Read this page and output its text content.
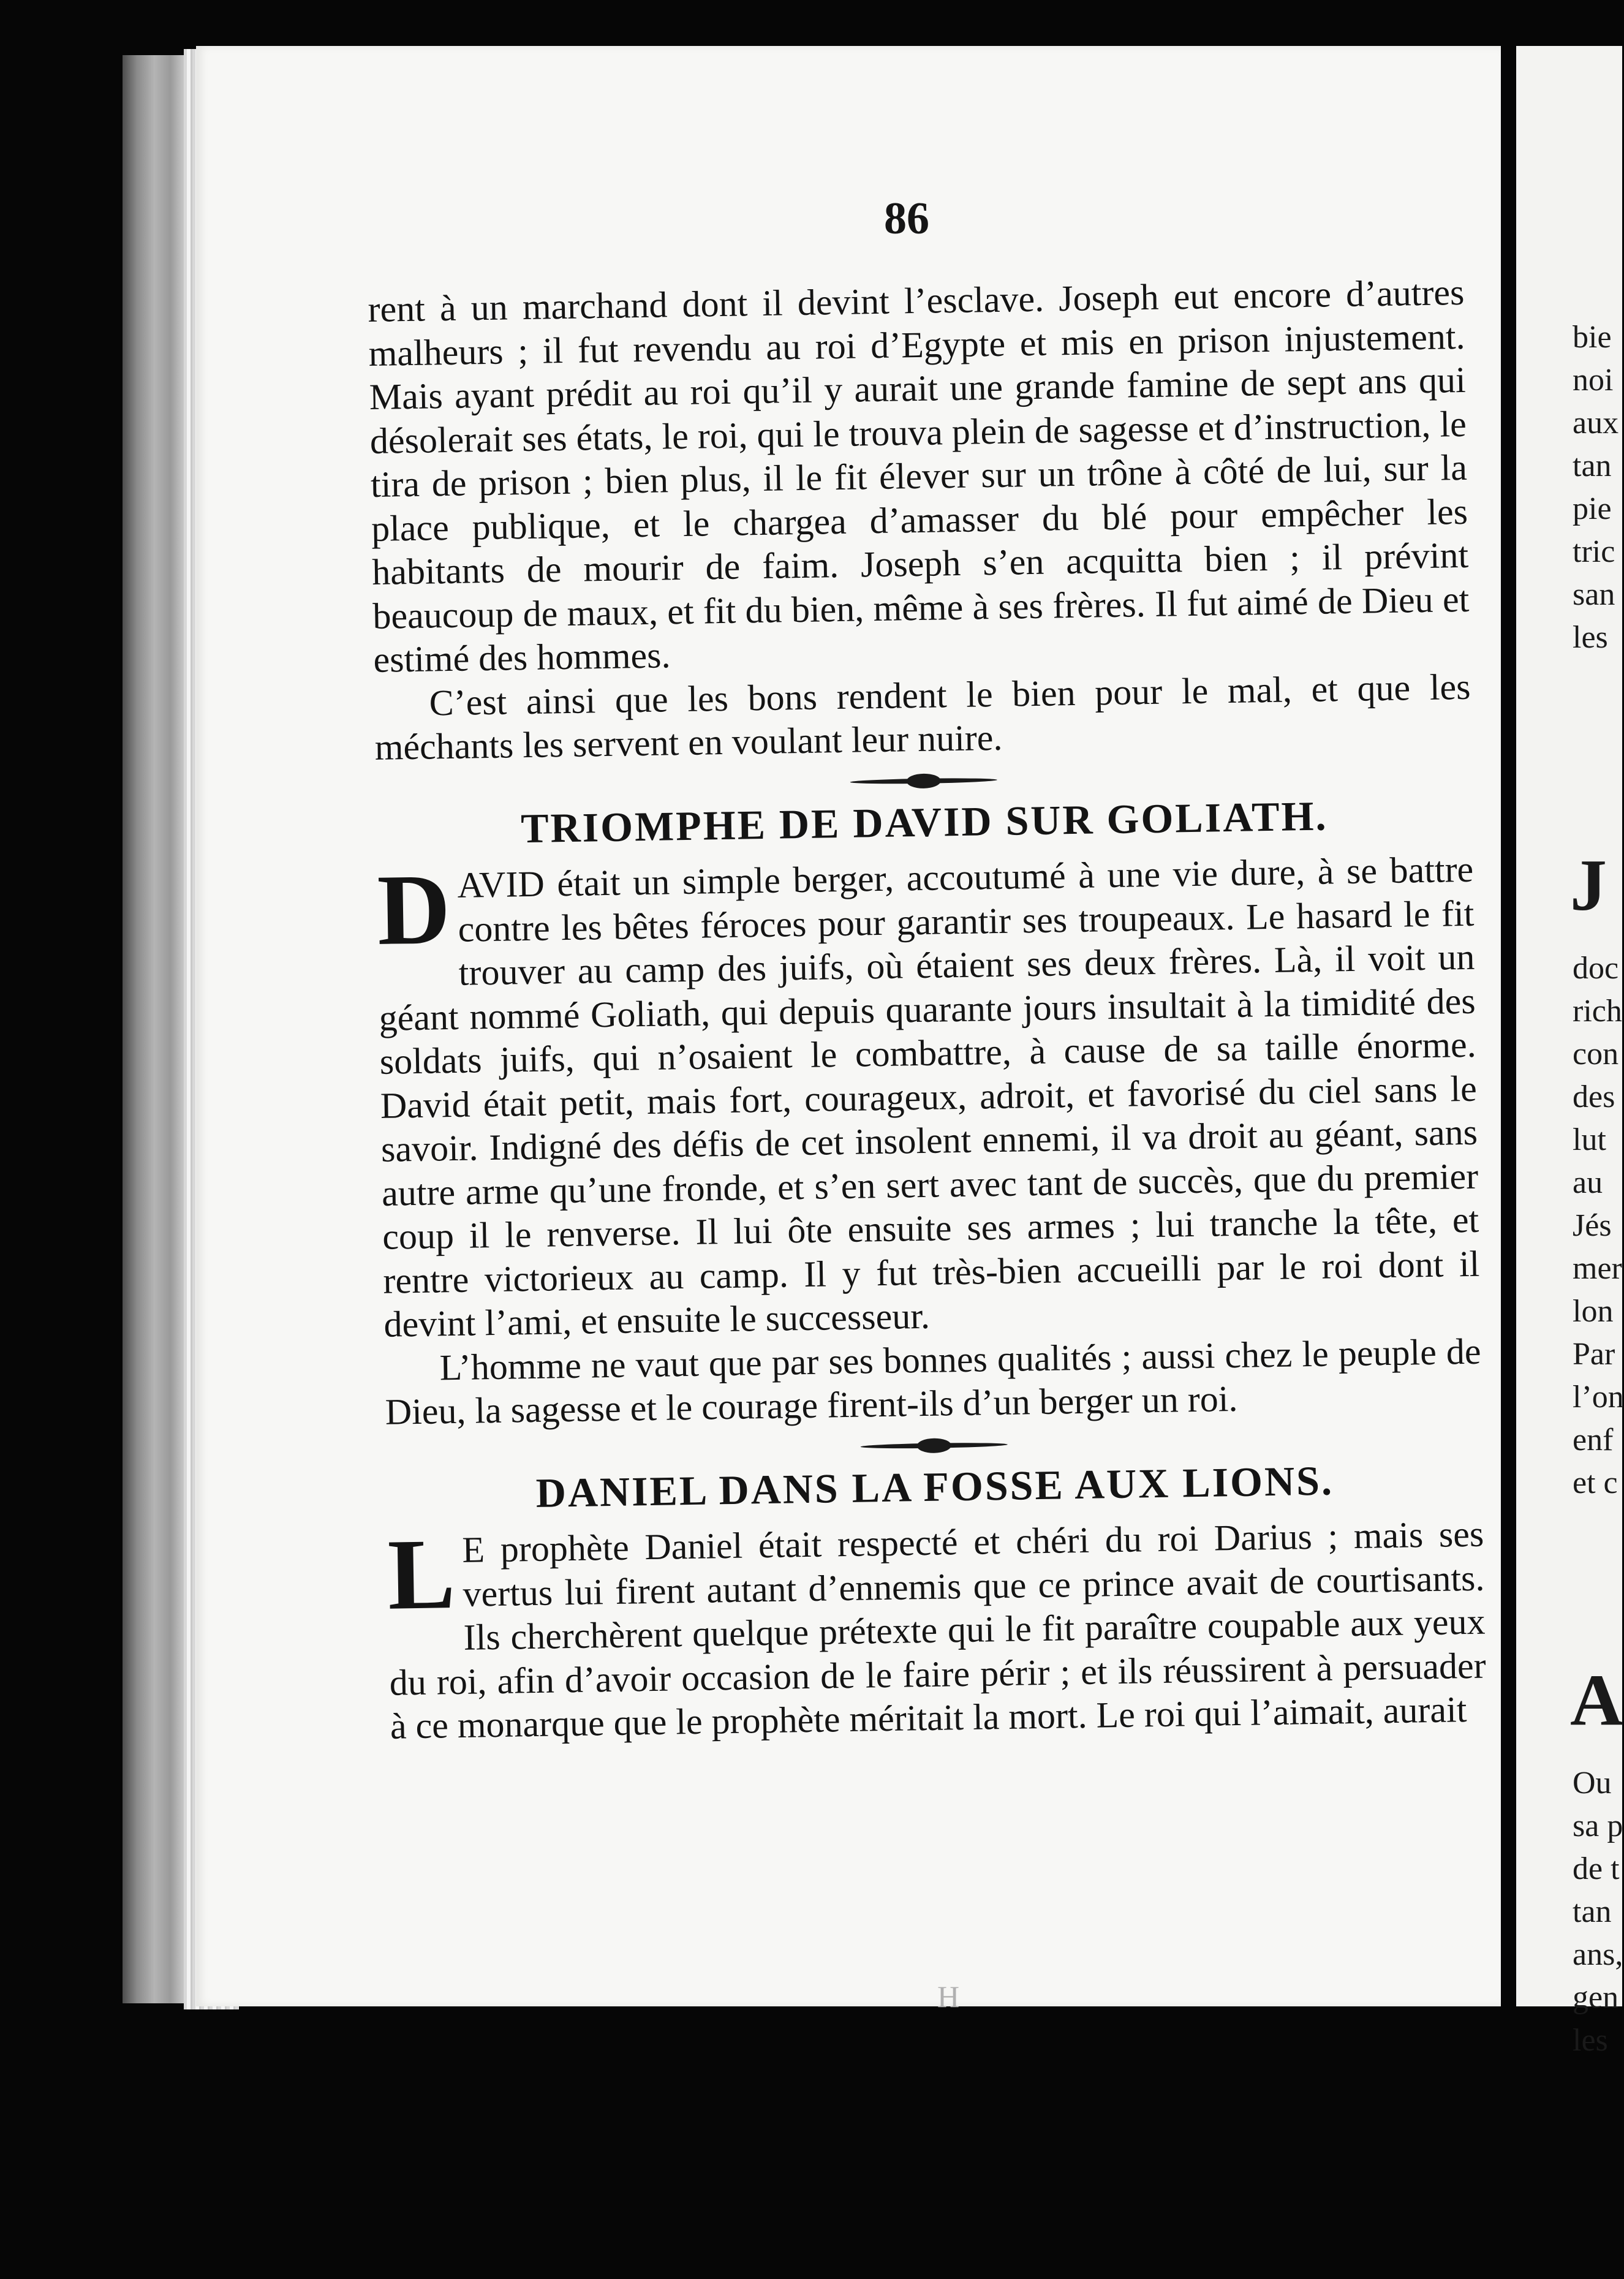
bie
noi
aux
tan
pie
tric
san
les
J
doc
rich
con
des
lut
au
Jés
mer
lon
Par
l’on
enf
et c
A
Ou
sa p
de t
tan
ans,
gen
les
86

rent à un marchand dont il devint l’esclave. Joseph eut encore d’autres malheurs ; il fut revendu au roi d’Egypte et mis en prison injustement. Mais ayant prédit au roi qu’il y aurait une grande famine de sept ans qui désolerait ses états, le roi, qui le trouva plein de sagesse et d’instruction, le tira de prison ; bien plus, il le fit élever sur un trône à côté de lui, sur la place publique, et le chargea d’amasser du blé pour empêcher les habitants de mourir de faim. Joseph s’en acquitta bien ; il prévint beaucoup de maux, et fit du bien, même à ses frères. Il fut aimé de Dieu et estimé des hommes.

C’est ainsi que les bons rendent le bien pour le mal, et que les méchants les servent en voulant leur nuire.

TRIOMPHE DE DAVID SUR GOLIATH.

DAVID était un simple berger, accoutumé à une vie dure, à se battre contre les bêtes féroces pour garantir ses troupeaux. Le hasard le fit trouver au camp des juifs, où étaient ses deux frères. Là, il voit un géant nommé Goliath, qui depuis quarante jours insultait à la timidité des soldats juifs, qui n’osaient le combattre, à cause de sa taille énorme. David était petit, mais fort, courageux, adroit, et favorisé du ciel sans le savoir. Indigné des défis de cet insolent ennemi, il va droit au géant, sans autre arme qu’une fronde, et s’en sert avec tant de succès, que du premier coup il le renverse. Il lui ôte ensuite ses armes ; lui tranche la tête, et rentre victorieux au camp. Il y fut très-bien accueilli par le roi dont il devint l’ami, et ensuite le successeur.

L’homme ne vaut que par ses bonnes qualités ; aussi chez le peuple de Dieu, la sagesse et le courage firent-ils d’un berger un roi.

DANIEL DANS LA FOSSE AUX LIONS.

L E prophète Daniel était respecté et chéri du roi Darius ; mais ses vertus lui firent autant d’ennemis que ce prince avait de courtisants. Ils cherchèrent quelque prétexte qui le fit paraître coupable aux yeux du roi, afin d’avoir occasion de le faire périr ; et ils réussirent à persuader à ce monarque que le prophète méritait la mort. Le roi qui l’aimait, aurait

H
